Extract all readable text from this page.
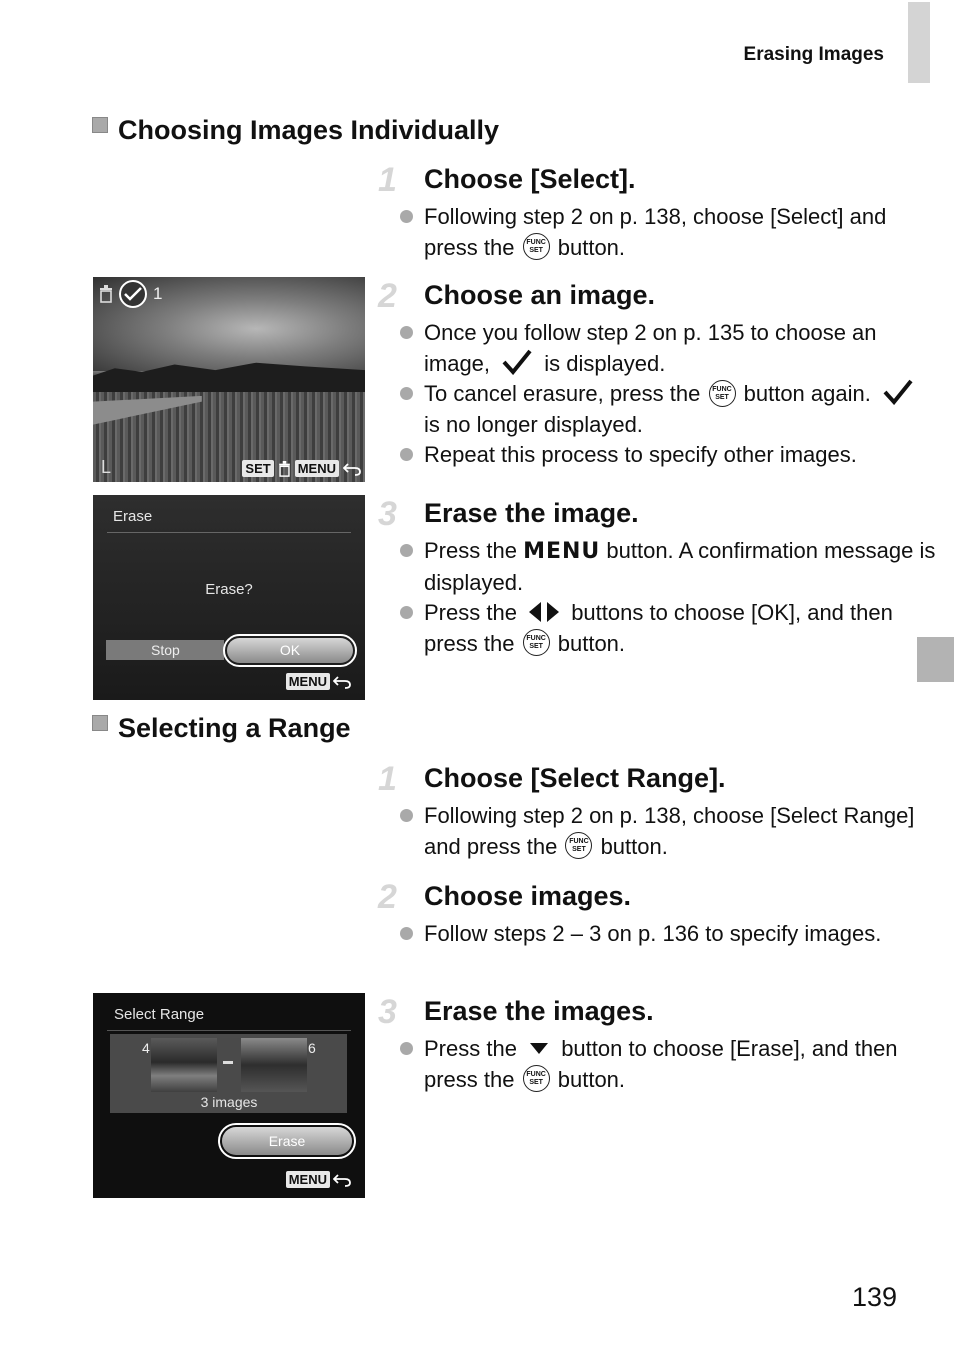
Erasing Images
Choosing Images Individually
1	Choose [Select].
Following step 2 on p. 138, choose [Select] and press the FUNC
SET button.
2	Choose an image.
Once you follow step 2 on p. 135 to choose an image, is displayed.
To cancel erasure, press the FUNC
SET button again.  is no longer displayed.
Repeat this process to specify other images.
3	Erase the image.
Press the MENU button. A confirmation message is displayed.
Press the buttons to choose [OK], and then press the FUNC
SET button.
1
L	SET MENU
Erase
Erase?
Stop	OK
MENU
Selecting a Range
1	Choose [Select Range].
Following step 2 on p. 138, choose [Select Range] and press the FUNC
SET button.
2	Choose images.
Follow steps 2 – 3 on p. 136 to specify images.
3	Erase the images.
Press the button to choose [Erase], and then press the FUNC
SET button.
Select Range
4	6
3 images
Erase
MENU
139
